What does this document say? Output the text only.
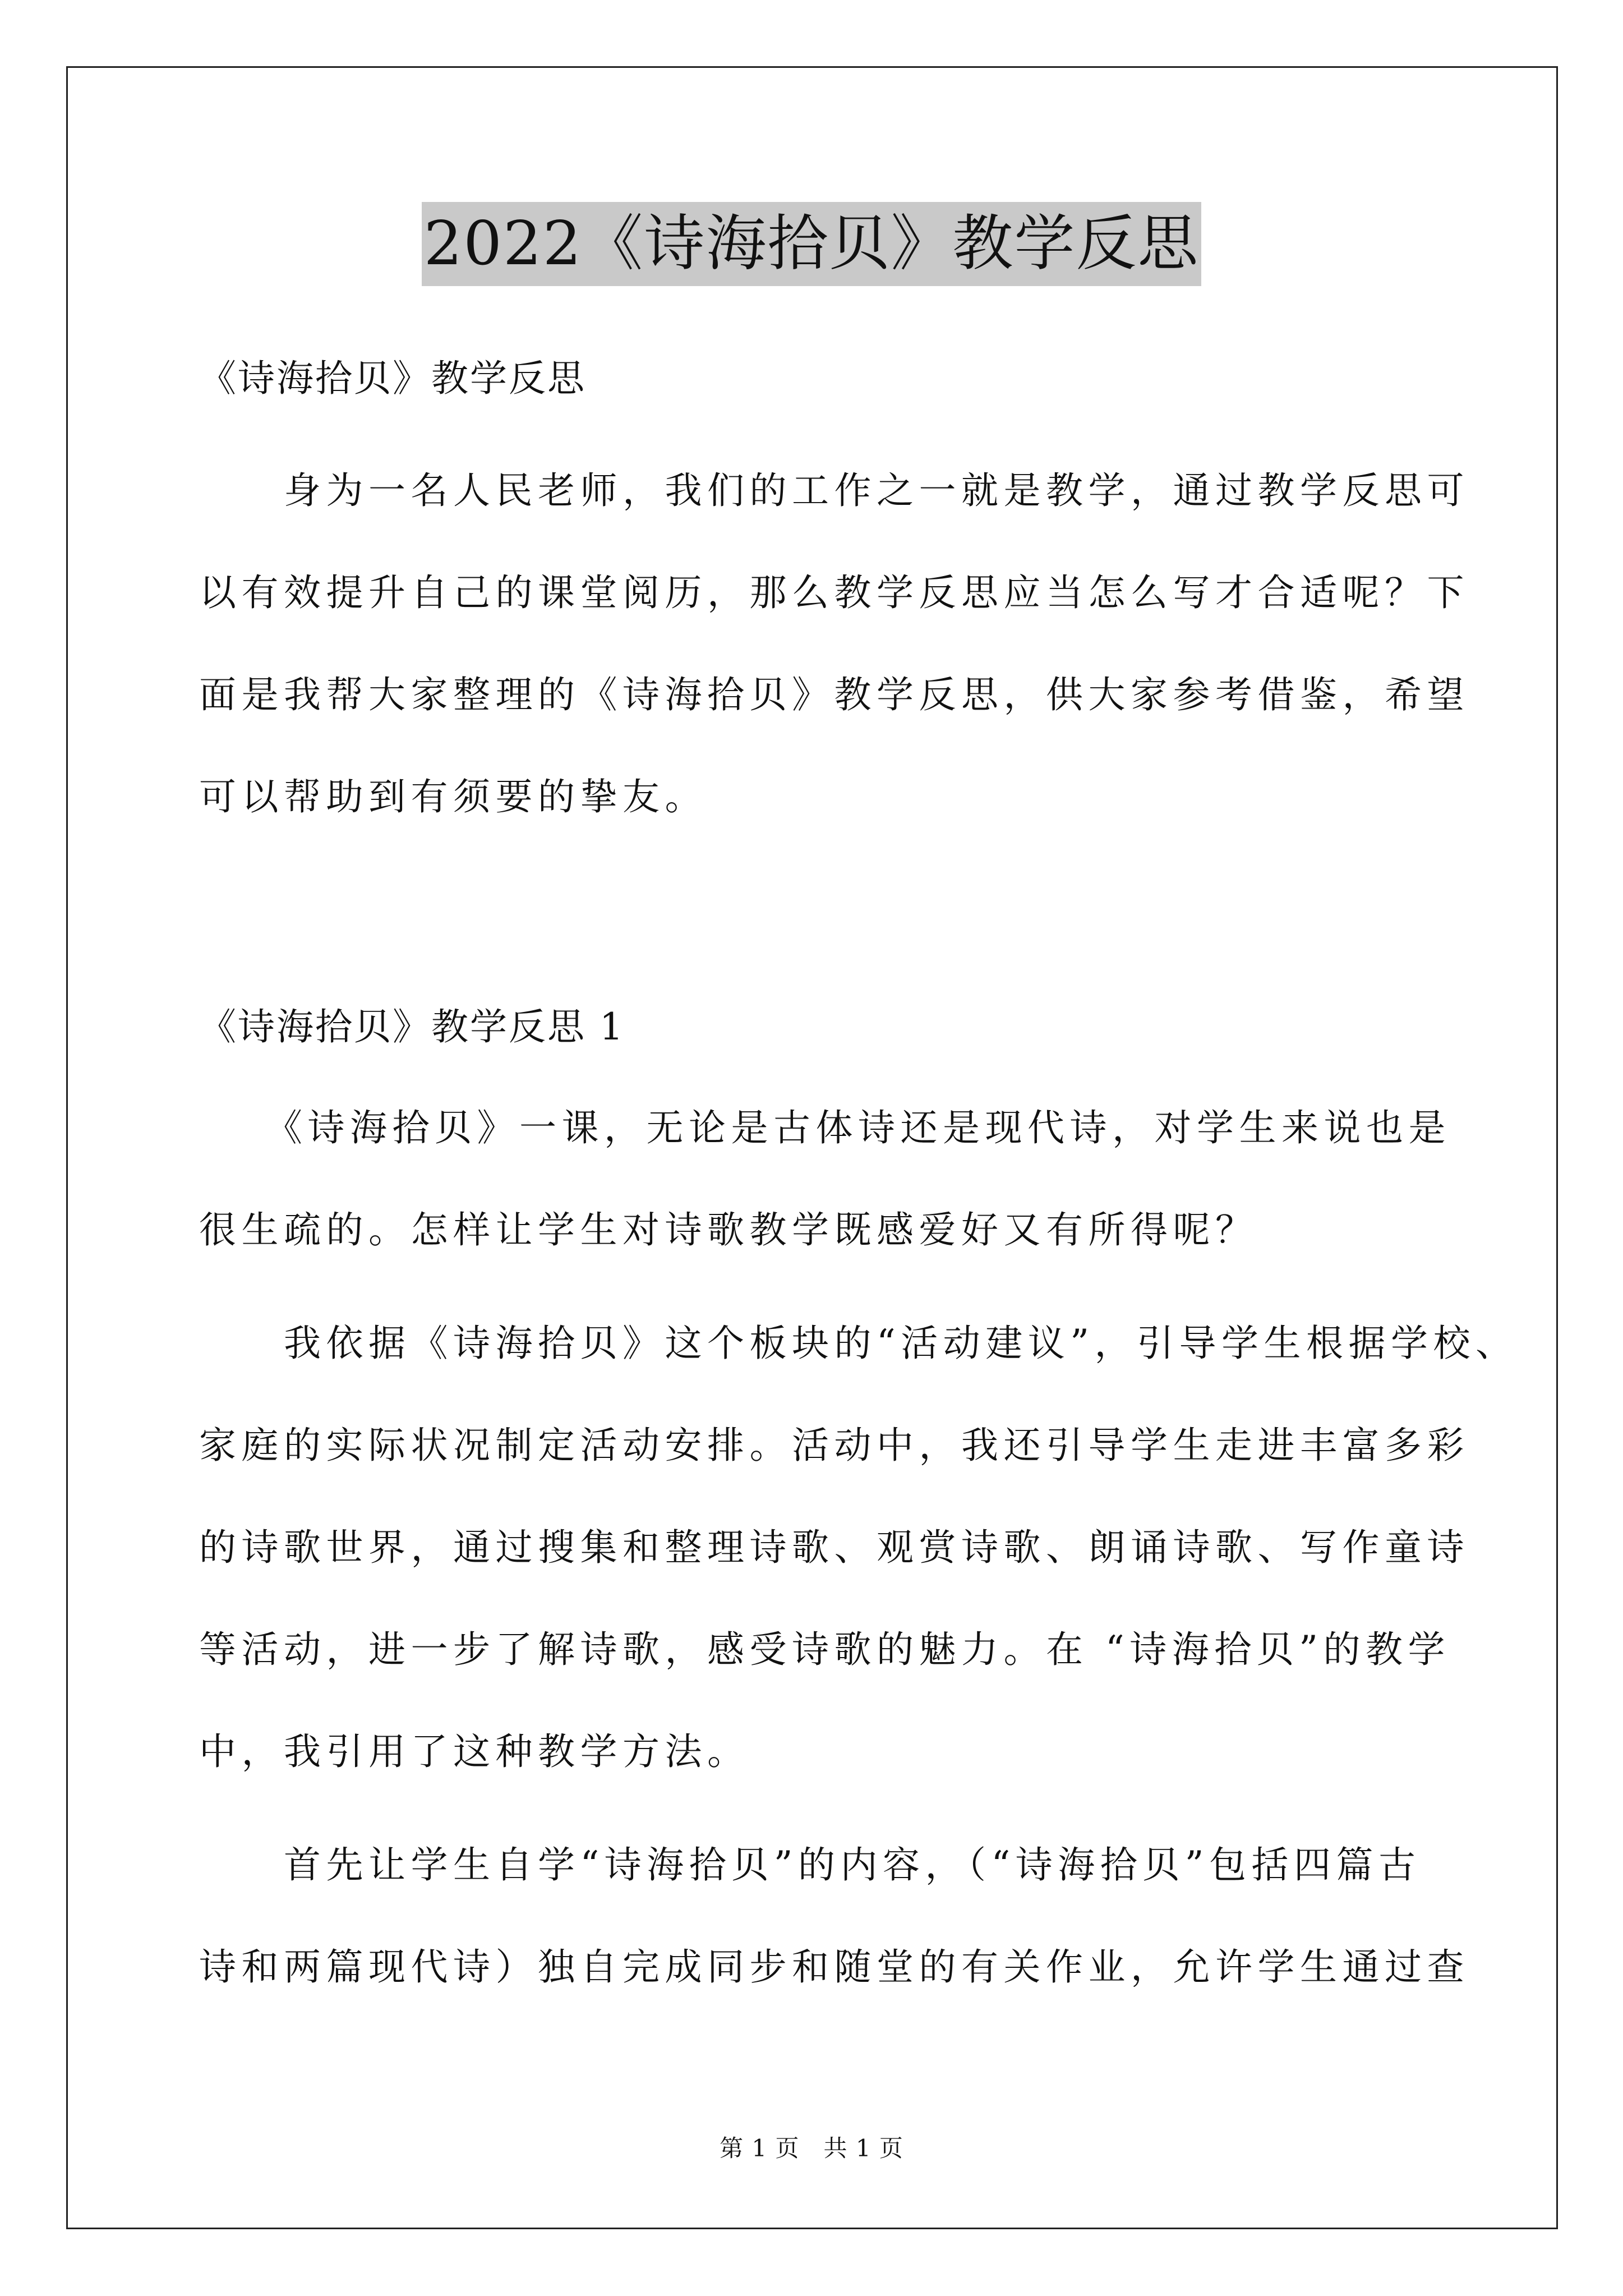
2022《诗海拾贝》教学反思
《诗海拾贝》教学反思
　　身为一名人民老师，我们的工作之一就是教学，通过教学反思可
以有效提升自己的课堂阅历，那么教学反思应当怎么写才合适呢？下
面是我帮大家整理的《诗海拾贝》教学反思，供大家参考借鉴，希望
可以帮助到有须要的挚友。
《诗海拾贝》教学反思 1
　　《诗海拾贝》一课，无论是古体诗还是现代诗，对学生来说也是
很生疏的。怎样让学生对诗歌教学既感爱好又有所得呢？
　　我依据《诗海拾贝》这个板块的“活动建议”，引导学生根据学校、
家庭的实际状况制定活动安排。活动中，我还引导学生走进丰富多彩
的诗歌世界，通过搜集和整理诗歌、观赏诗歌、朗诵诗歌、写作童诗
等活动，进一步了解诗歌，感受诗歌的魅力。在 “诗海拾贝”的教学
中，我引用了这种教学方法。
　　首先让学生自学“诗海拾贝”的内容，（“诗海拾贝”包括四篇古
诗和两篇现代诗）独自完成同步和随堂的有关作业，允许学生通过查
第 1 页　共 1 页
